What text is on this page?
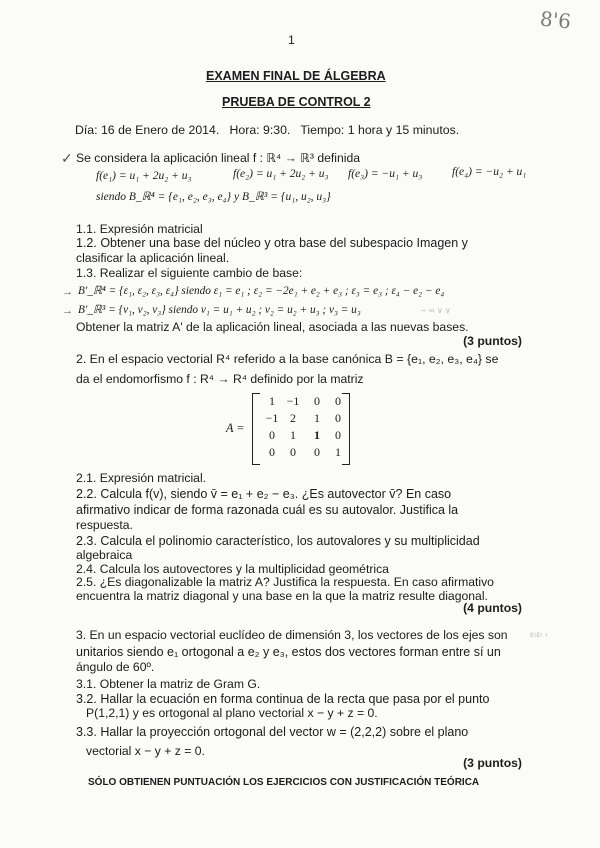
1
8'6
EXAMEN FINAL DE ÁLGEBRA
PRUEBA DE CONTROL 2
Día: 16 de Enero de 2014.   Hora: 9:30.   Tiempo: 1 hora y 15 minutos.
✓ Se considera la aplicación lineal f : ℝ⁴ → ℝ³ definida
f(e₁) = u₁ + 2u₂ + u₃	f(e₂) = u₁ + 2u₂ + u₃ f(e₃) = −u₁ + u₃	f(e₄) = −u₂ + u₁
siendo B_ℝ⁴ = {e₁, e₂, e₃, e₄} y B_ℝ³ = {u₁, u₂, u₃}
1.1. Expresión matricial
1.2. Obtener una base del núcleo y otra base del subespacio Imagen y
clasificar la aplicación lineal.
1.3. Realizar el siguiente cambio de base:
→ B'_ℝ⁴ = {ε₁, ε₂, ε₃, ε₄} siendo ε₁ = e₁ ; ε₂ = −2e₁ + e₂ + e₃ ; ε₃ = e₃ ; ε₄ − e₂ − e₄
→ B'_ℝ³ = {v₁, v₂, v₃} siendo v₁ = u₁ + u₂ ; v₂ = u₂ + u₃ ; v₃ = u₃	∼ ∞ ∨ ∨
Obtener la matriz A' de la aplicación lineal, asociada a las nuevas bases.
(3 puntos)
2. En el espacio vectorial R⁴ referido a la base canónica B = {e₁, e₂, e₃, e₄} se
da el endomorfismo f : R⁴ → R⁴ definido por la matriz
A =
1 −1	0	0
−1 2	1	0
0	1	1	0
0	0	0	1
2.1. Expresión matricial.
2.2. Calcula f(v), siendo v̄ = e₁ + e₂ − e₃. ¿Es autovector v̄? En caso
afirmativo indicar de forma razonada cuál es su autovalor. Justifica la
respuesta.
2.3. Calcula el polinomio característico, los autovalores y su multiplicidad
algebraica
2.4. Calcula los autovectores y la multiplicidad geométrica
2.5. ¿Es diagonalizable la matriz A? Justifica la respuesta. En caso afirmativo
encuentra la matriz diagonal y una base en la que la matriz resulte diagonal.
(4 puntos)
3. En un espacio vectorial euclídeo de dimensión 3, los vectores de los ejes son	ɛ‹ɛ› ›
unitarios siendo e₁ ortogonal a e₂ y e₃, estos dos vectores forman entre sí un
ángulo de 60º.
3.1. Obtener la matriz de Gram G.
3.2. Hallar la ecuación en forma continua de la recta que pasa por el punto
P(1,2,1) y es ortogonal al plano vectorial x − y + z = 0.
3.3. Hallar la proyección ortogonal del vector w = (2,2,2) sobre el plano
vectorial x − y + z = 0.
(3 puntos)
SÓLO OBTIENEN PUNTUACIÓN LOS EJERCICIOS CON JUSTIFICACIÓN TEÓRICA
